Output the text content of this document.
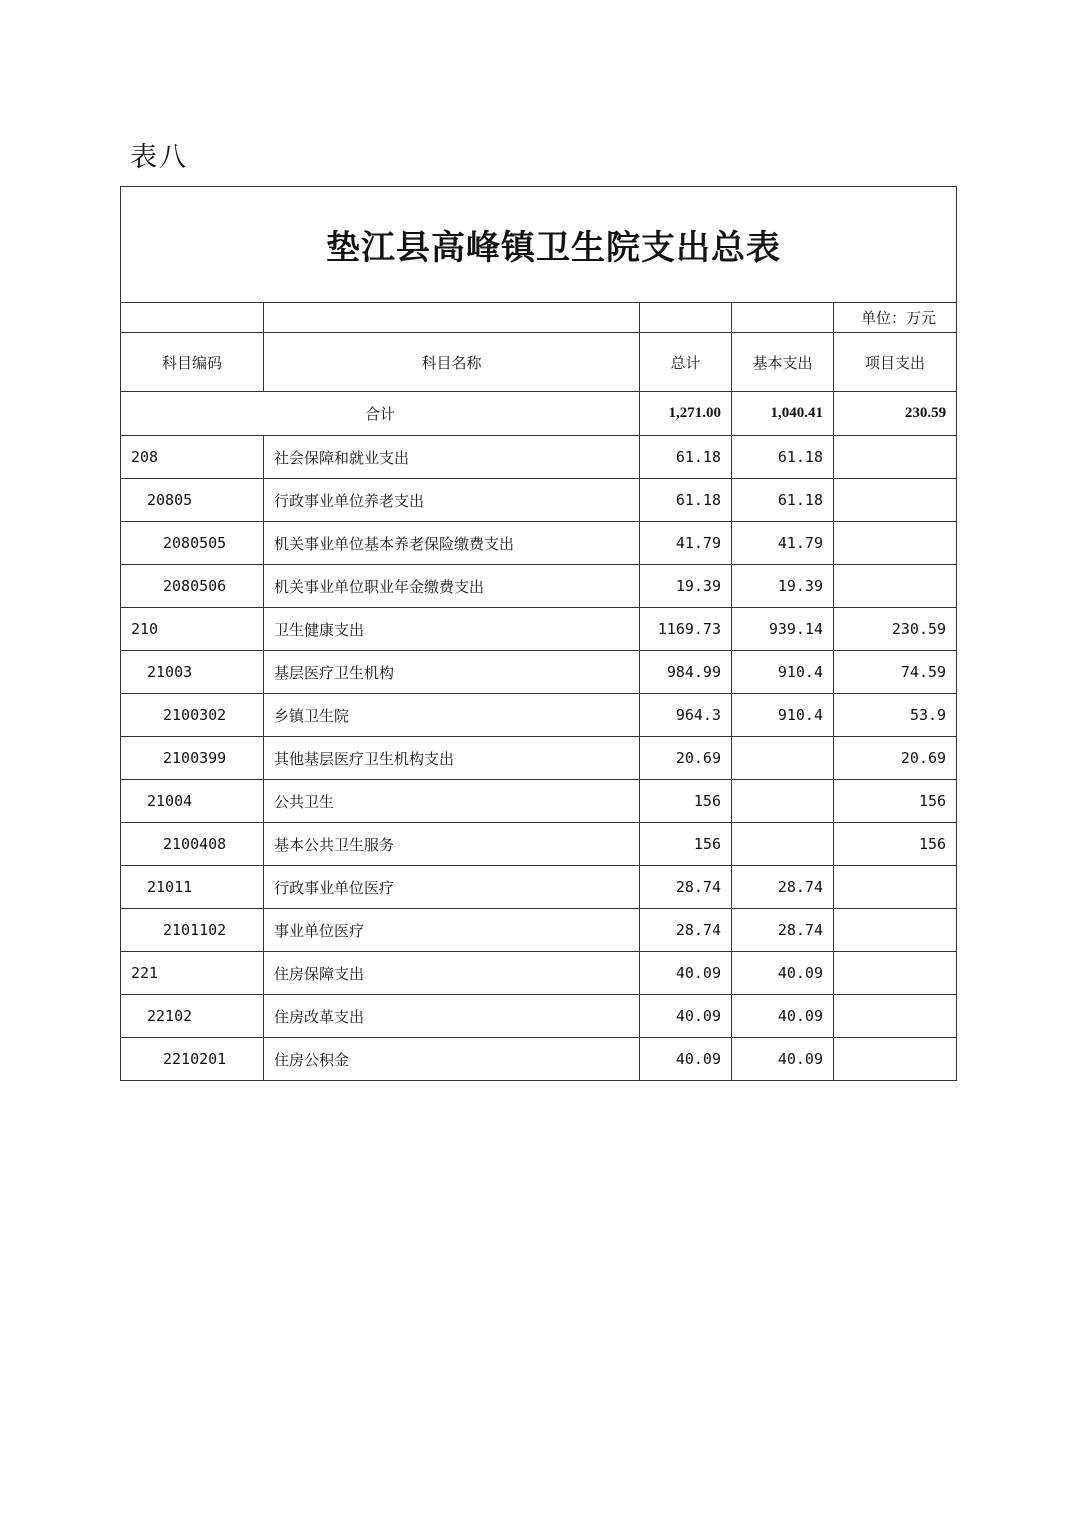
表八
垫江县高峰镇卫生院支出总表				
				单位：万元
科目编码	科目名称	总计	基本支出	项目支出
合计		1,271.00	1,040.41	230.59
208	社会保障和就业支出	61.18	61.18	
20805	行政事业单位养老支出	61.18	61.18	
2080505	机关事业单位基本养老保险缴费支出	41.79	41.79	
2080506	机关事业单位职业年金缴费支出	19.39	19.39	
210	卫生健康支出	1169.73	939.14	230.59
21003	基层医疗卫生机构	984.99	910.4	74.59
2100302	乡镇卫生院	964.3	910.4	53.9
2100399	其他基层医疗卫生机构支出	20.69		20.69
21004	公共卫生	156		156
2100408	基本公共卫生服务	156		156
21011	行政事业单位医疗	28.74	28.74	
2101102	事业单位医疗	28.74	28.74	
221	住房保障支出	40.09	40.09	
22102	住房改革支出	40.09	40.09	
2210201	住房公积金	40.09	40.09	
